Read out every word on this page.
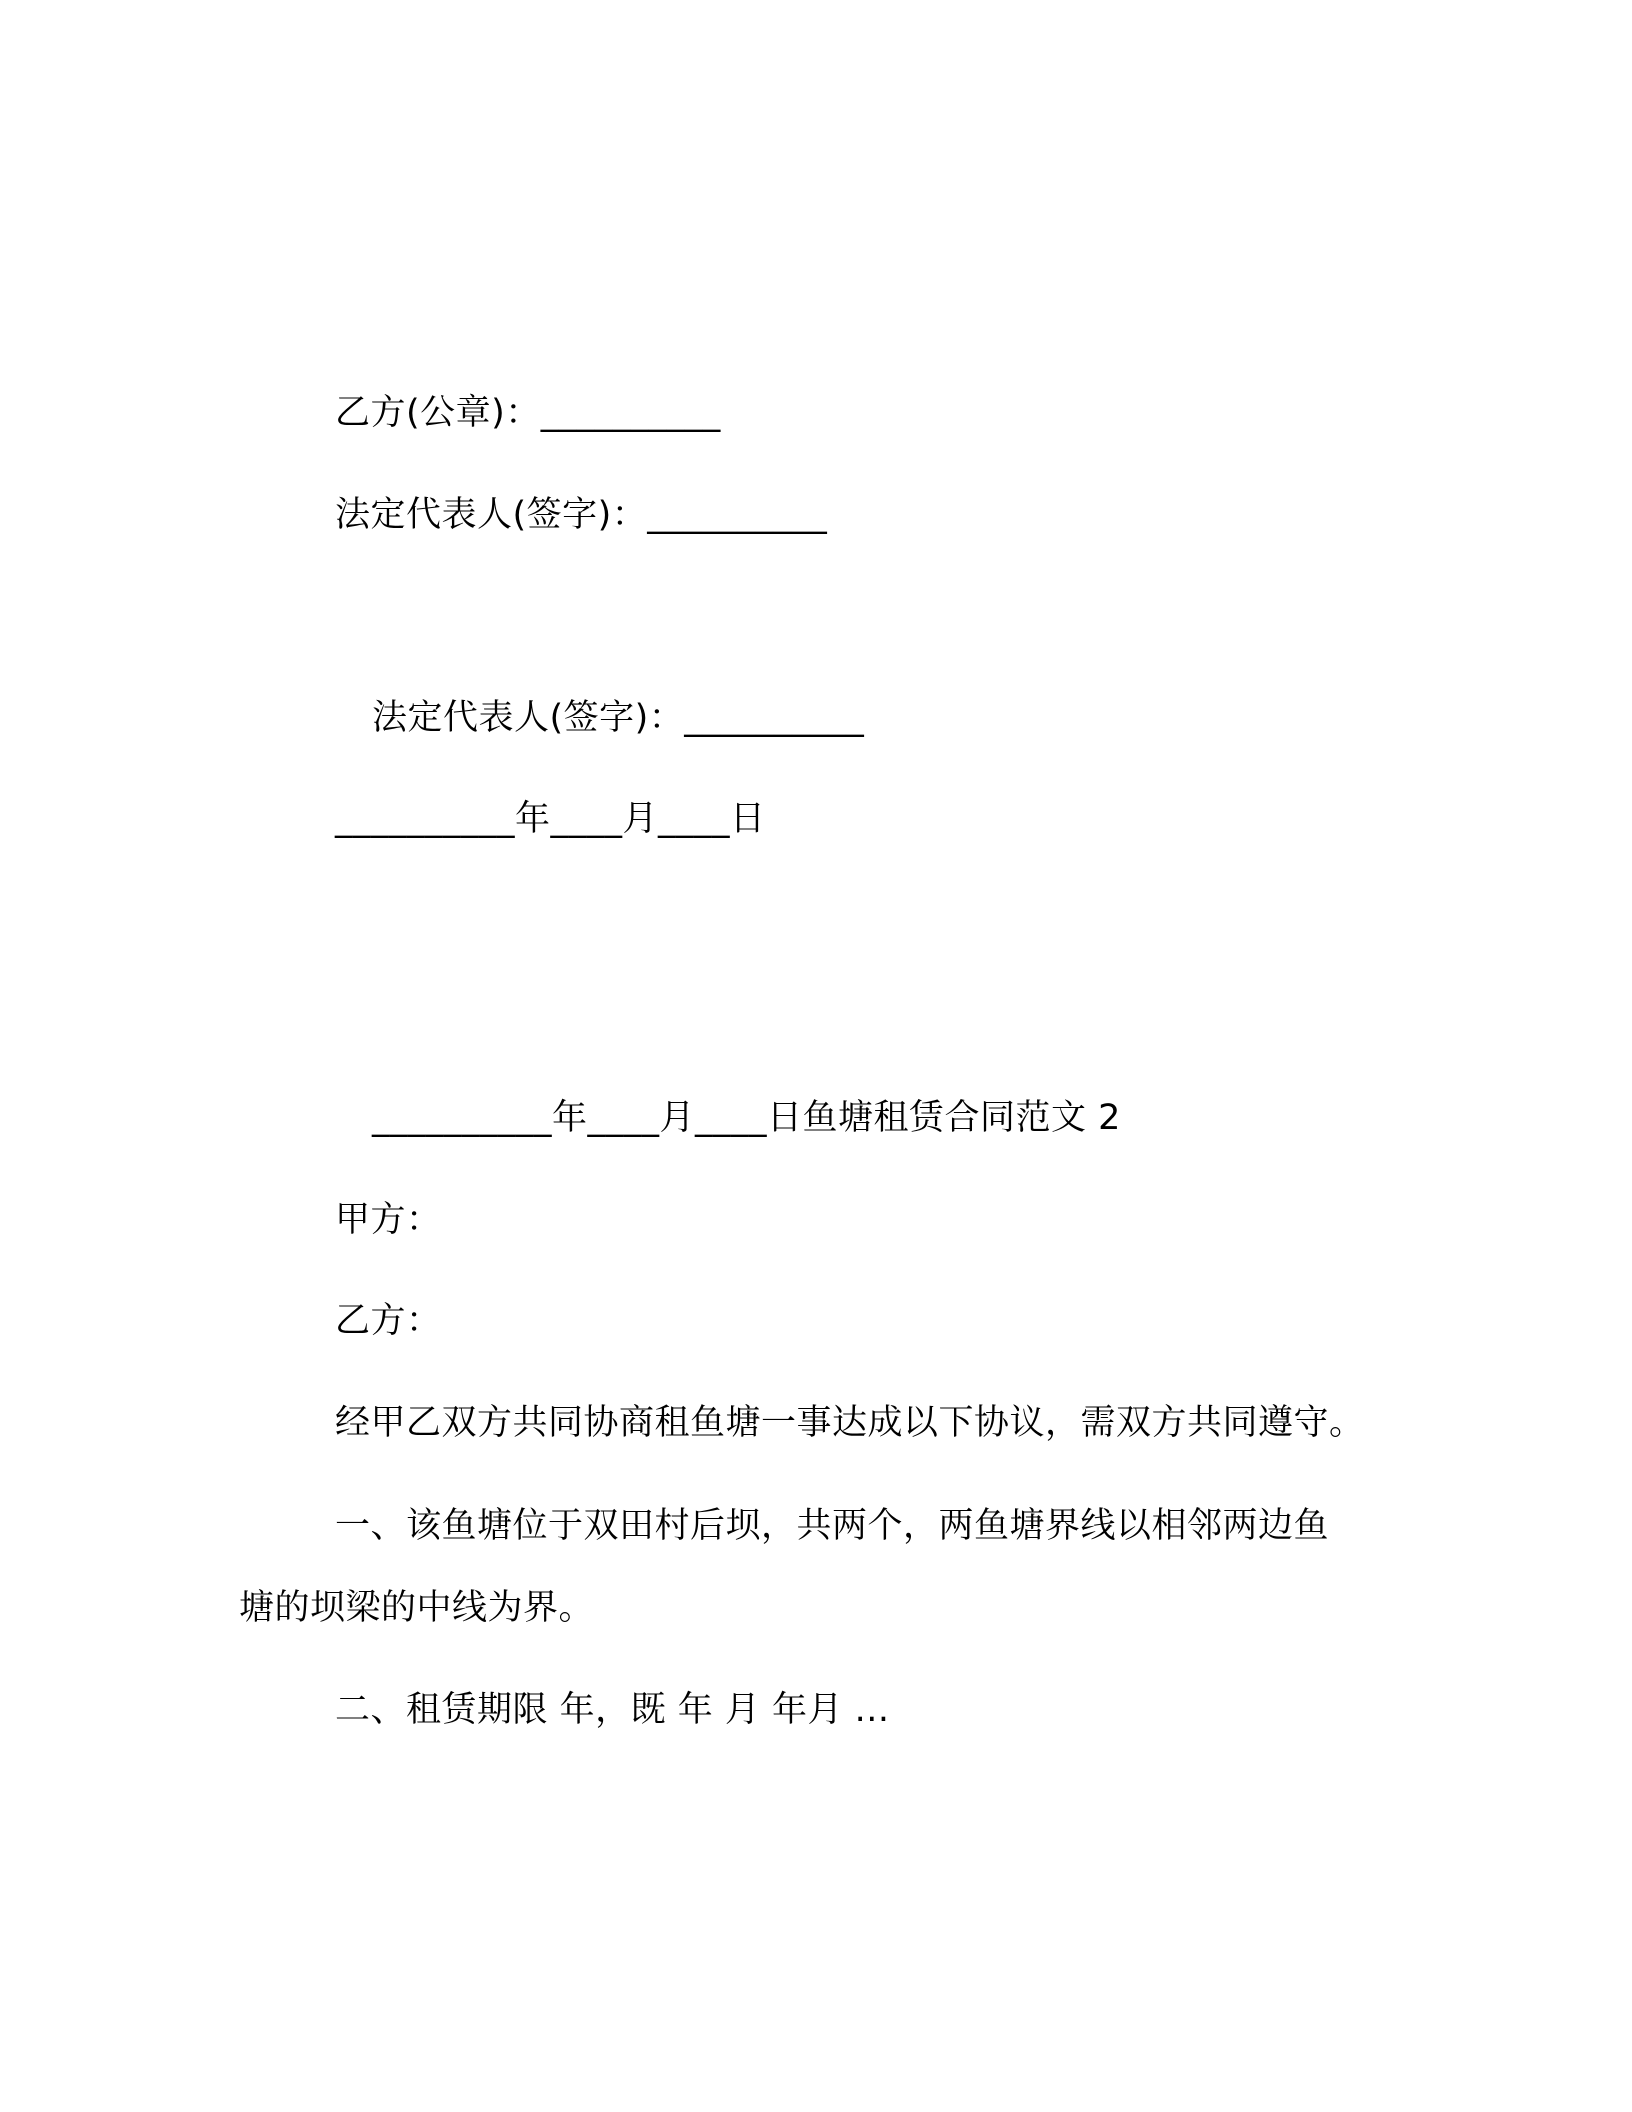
乙方(公章)：__________
法定代表人(签字)：__________
法定代表人(签字)：__________
__________年____月____日
__________年____月____日鱼塘租赁合同范文 2
甲方：
乙方：
经甲乙双方共同协商租鱼塘一事达成以下协议，需双方共同遵守。
一、该鱼塘位于双田村后坝，共两个，两鱼塘界线以相邻两边鱼
塘的坝梁的中线为界。
二、租赁期限 年，既 年 月 年月 ...
